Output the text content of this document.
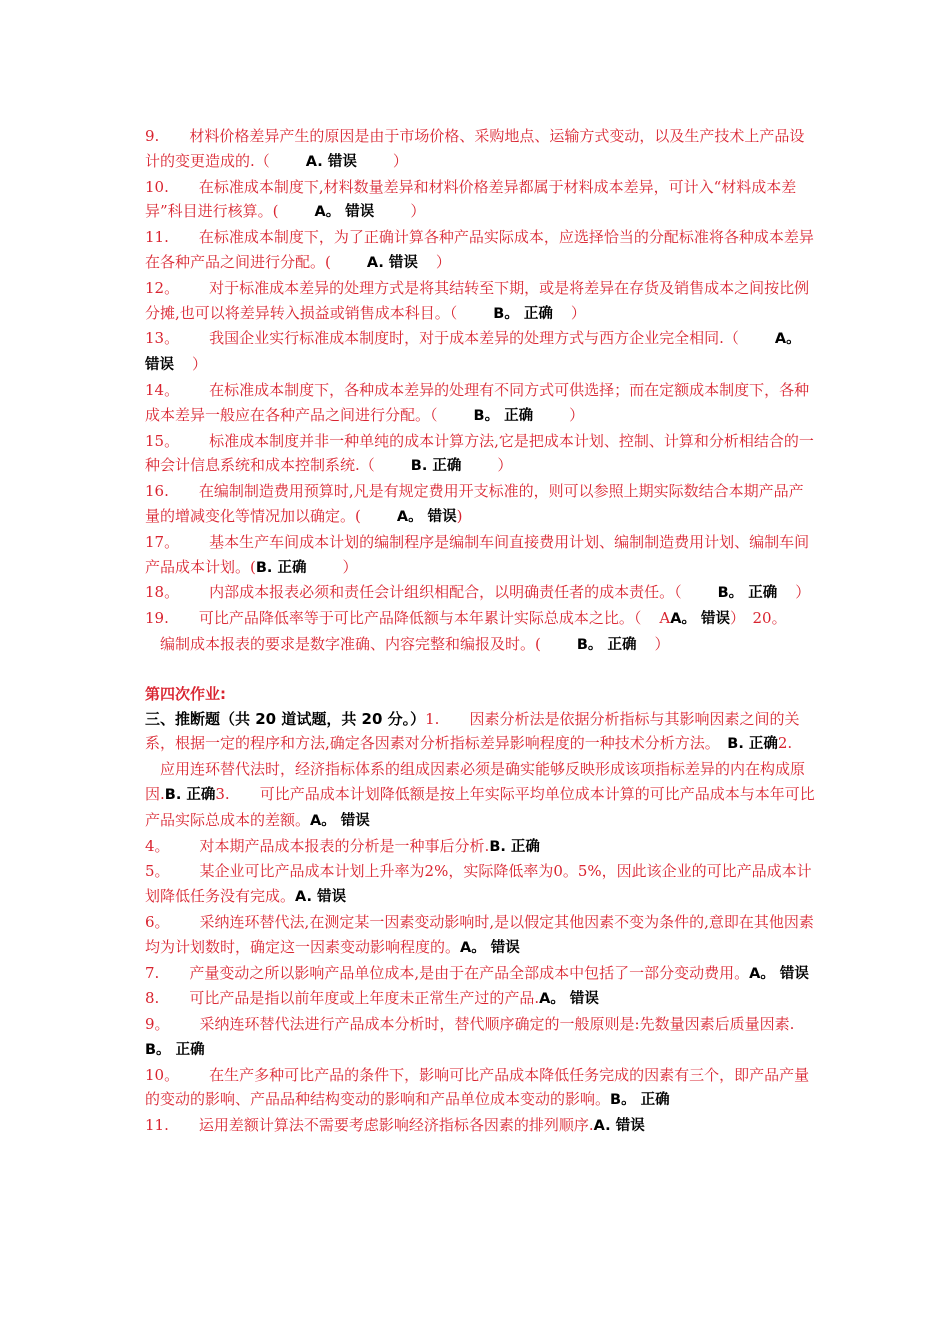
9.   材料价格差异产生的原因是由于市场价格、采购地点、运输方式变动，以及生产技术上产品设计的变更造成的.（ A. 错误 ）

10.   在标准成本制度下,材料数量差异和材料价格差异都属于材料成本差异，可计入“材料成本差异”科目进行核算。( A。 错误 ）

11.   在标准成本制度下，为了正确计算各种产品实际成本，应选择恰当的分配标准将各种成本差异在各种产品之间进行分配。( A. 错误 ）

12。   对于标准成本差异的处理方式是将其结转至下期，或是将差异在存货及销售成本之间按比例分摊,也可以将差异转入损益或销售成本科目。（ B。 正确 ）

13。   我国企业实行标准成本制度时，对于成本差异的处理方式与西方企业完全相同.（ A。 错误 ）

14。   在标准成本制度下，各种成本差异的处理有不同方式可供选择；而在定额成本制度下，各种成本差异一般应在各种产品之间进行分配。（ B。 正确 ）

15。   标准成本制度并非一种单纯的成本计算方法,它是把成本计划、控制、计算和分析相结合的一种会计信息系统和成本控制系统.（ B. 正确 ）

16.   在编制制造费用预算时,凡是有规定费用开支标准的，则可以参照上期实际数结合本期产品产量的增减变化等情况加以确定。( A。 错误)

17。   基本生产车间成本计划的编制程序是编制车间直接费用计划、编制制造费用计划、编制车间产品成本计划。(B. 正确 ）

18。   内部成本报表必须和责任会计组织相配合，以明确责任者的成本责任。（ B。 正确 ）

19.   可比产品降低率等于可比产品降低额与本年累计实际总成本之比。（ AA。 错误）  20。  编制成本报表的要求是数字准确、内容完整和编报及时。( B。 正确 ）

第四次作业:

三、推断题（共 20 道试题，共 20 分。）1.   因素分析法是依据分析指标与其影响因素之间的关系，根据一定的程序和方法,确定各因素对分析指标差异影响程度的一种技术分析方法。  B. 正确2.  应用连环替代法时，经济指标体系的组成因素必须是确实能够反映形成该项指标差异的内在构成原因.B. 正确3.   可比产品成本计划降低额是按上年实际平均单位成本计算的可比产品成本与本年可比产品实际总成本的差额。A。 错误

4。   对本期产品成本报表的分析是一种事后分析.B. 正确

5。   某企业可比产品成本计划上升率为2%，实际降低率为0。5%，因此该企业的可比产品成本计划降低任务没有完成。A. 错误

6。   采纳连环替代法,在测定某一因素变动影响时,是以假定其他因素不变为条件的,意即在其他因素均为计划数时，确定这一因素变动影响程度的。A。 错误

7.   产量变动之所以影响产品单位成本,是由于在产品全部成本中包括了一部分变动费用。A。 错误

8.   可比产品是指以前年度或上年度未正常生产过的产品.A。 错误

9。   采纳连环替代法进行产品成本分析时，替代顺序确定的一般原则是:先数量因素后质量因素.B。 正确

10。   在生产多种可比产品的条件下，影响可比产品成本降低任务完成的因素有三个，即产品产量的变动的影响、产品品种结构变动的影响和产品单位成本变动的影响。B。 正确

11.   运用差额计算法不需要考虑影响经济指标各因素的排列顺序.A. 错误
